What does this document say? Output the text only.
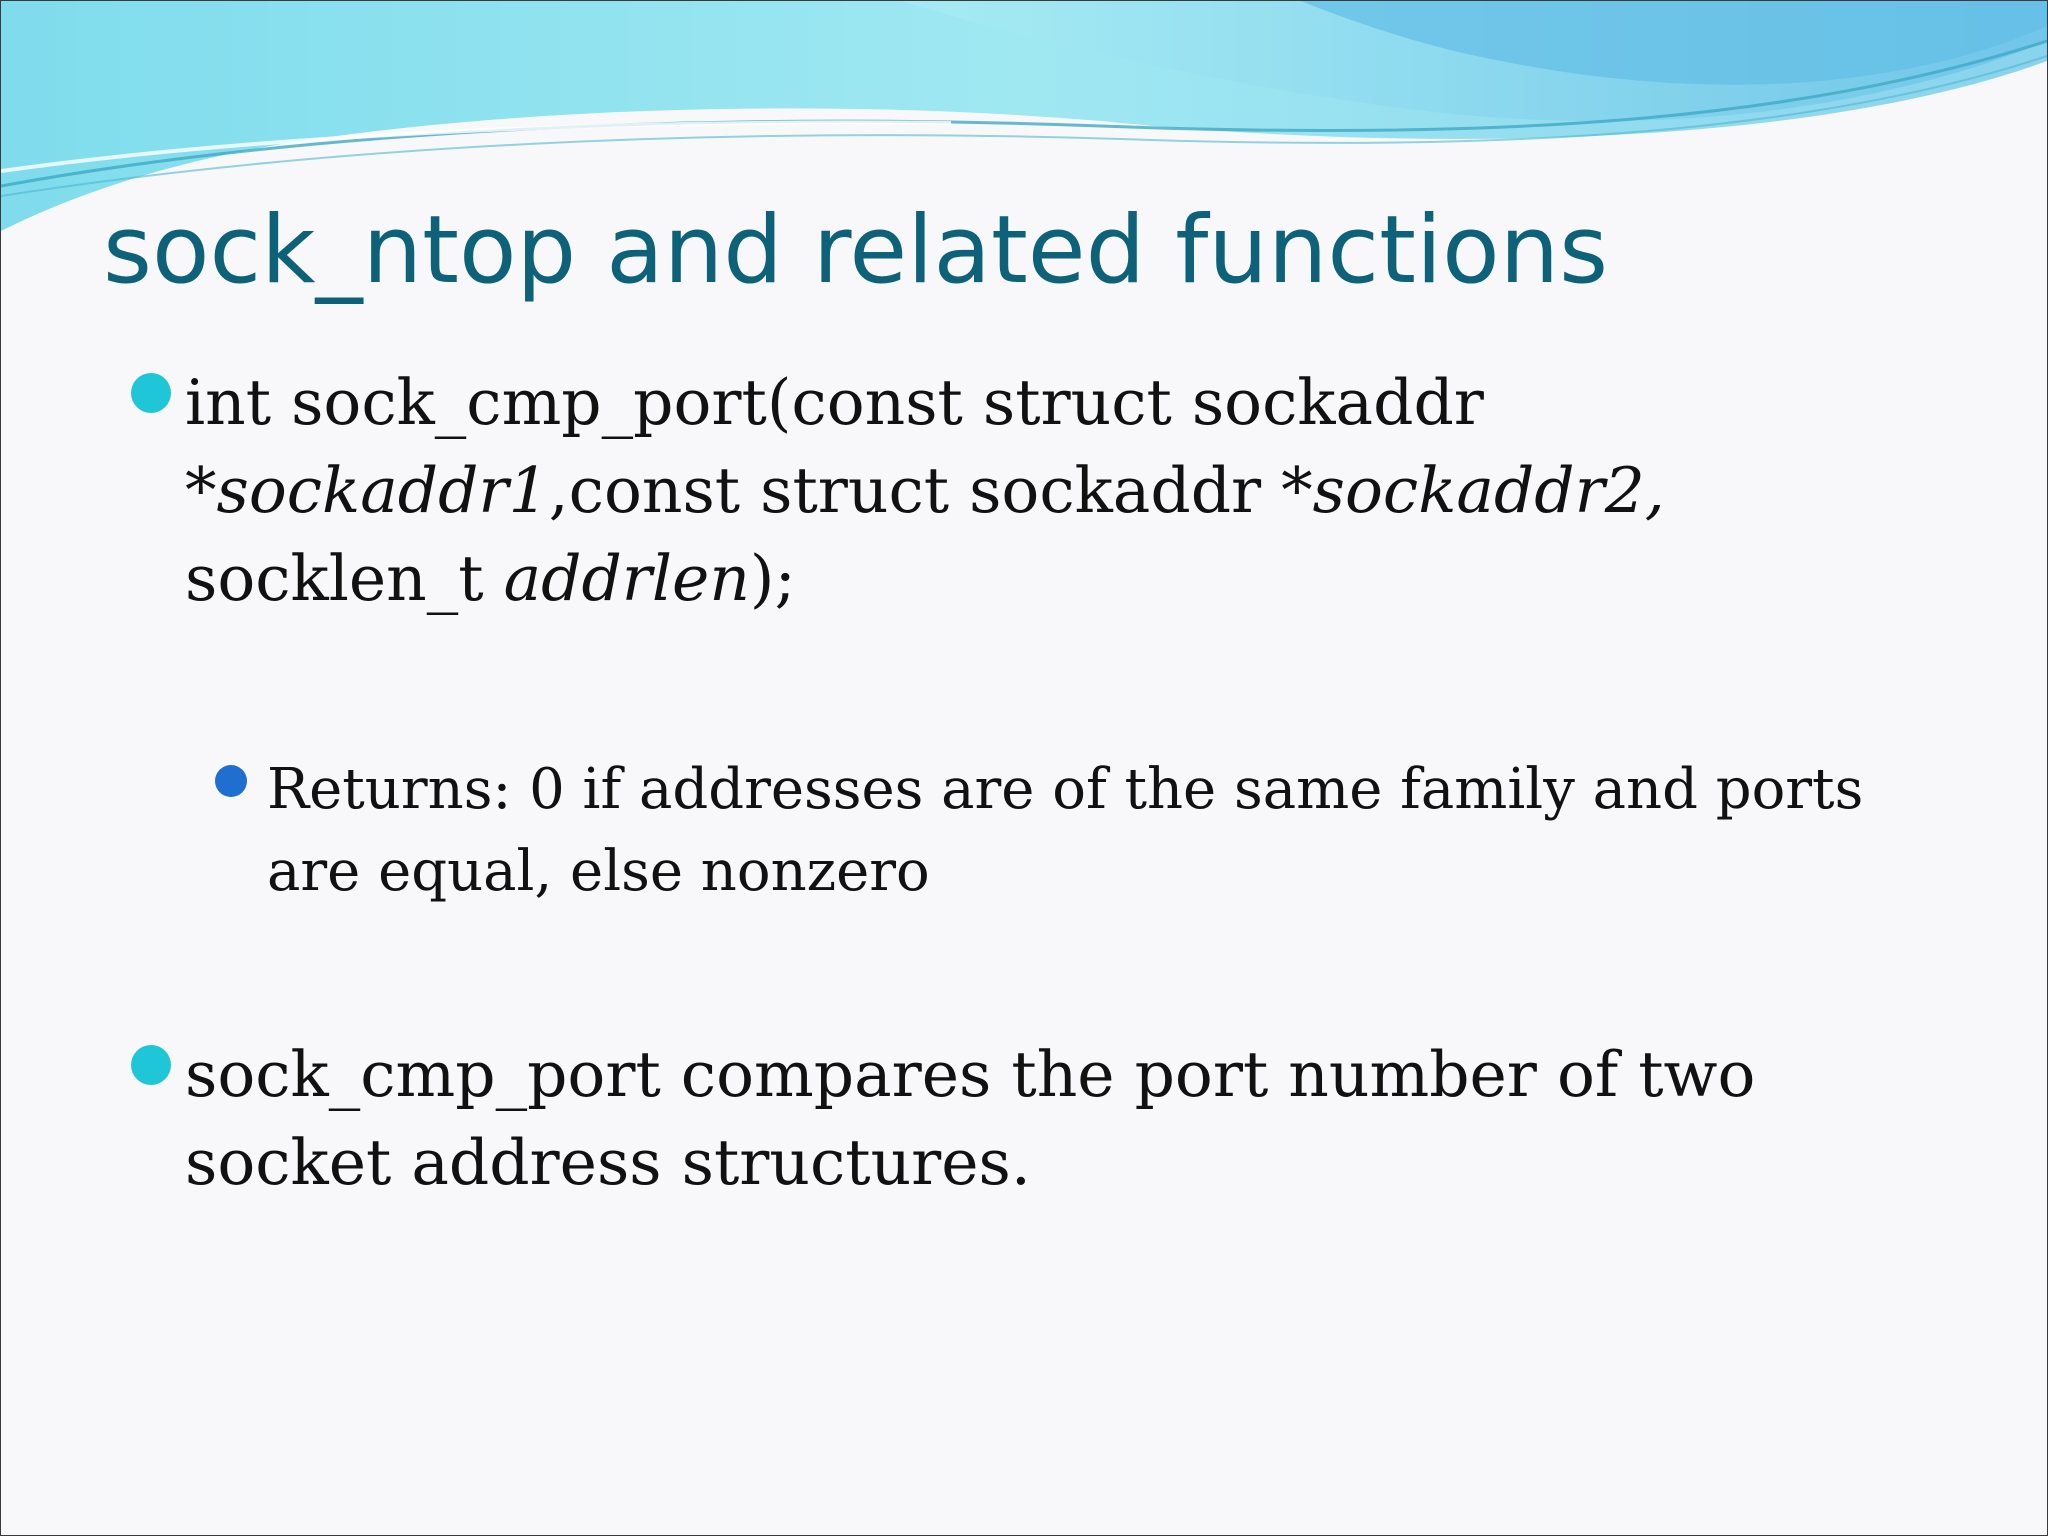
sock_ntop and related functions
int sock_cmp_port(const struct sockaddr
*sockaddr1,const struct sockaddr *sockaddr2,
socklen_t addrlen);
Returns: 0 if addresses are of the same family and ports
are equal, else nonzero
sock_cmp_port compares the port number of two
socket address structures.
